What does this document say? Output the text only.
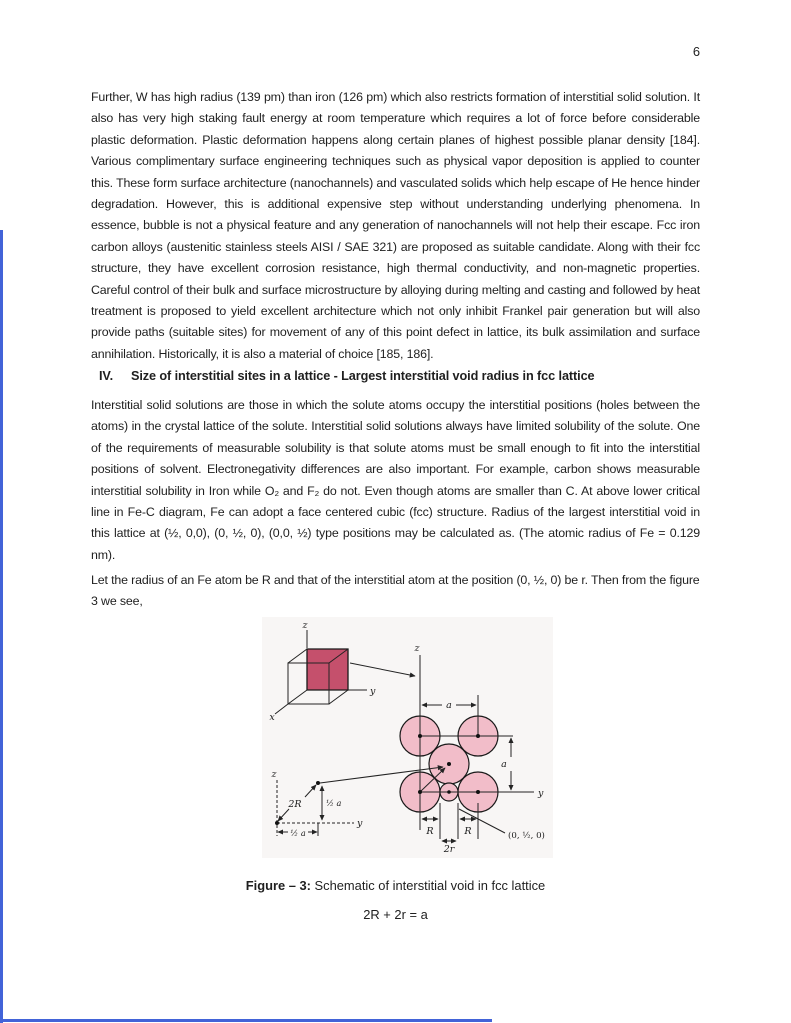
6
Further, W has high radius (139 pm) than iron (126 pm) which also restricts formation of interstitial solid solution. It also has very high staking fault energy at room temperature which requires a lot of force before considerable plastic deformation. Plastic deformation happens along certain planes of highest possible planar density [184]. Various complimentary surface engineering techniques such as physical vapor deposition is applied to counter this. These form surface architecture (nanochannels) and vasculated solids which help escape of He hence hinder degradation. However, this is additional expensive step without understanding underlying phenomena. In essence, bubble is not a physical feature and any generation of nanochannels will not help their escape. Fcc iron carbon alloys (austenitic stainless steels AISI / SAE 321) are proposed as suitable candidate. Along with their fcc structure, they have excellent corrosion resistance, high thermal conductivity, and non-magnetic properties. Careful control of their bulk and surface microstructure by alloying during melting and casting and followed by heat treatment is proposed to yield excellent architecture which not only inhibit Frankel pair generation but will also provide paths (suitable sites) for movement of any of this point defect in lattice, its bulk assimilation and surface annihilation. Historically, it is also a material of choice [185, 186].
IV.	Size of interstitial sites in a lattice - Largest interstitial void radius in fcc lattice
Interstitial solid solutions are those in which the solute atoms occupy the interstitial positions (holes between the atoms) in the crystal lattice of the solute. Interstitial solid solutions always have limited solubility of the solute. One of the requirements of measurable solubility is that solute atoms must be small enough to fit into the interstitial positions of solvent. Electronegativity differences are also important. For example, carbon shows measurable interstitial solubility in Iron while O₂ and F₂ do not. Even though atoms are smaller than C. At above lower critical line in Fe-C diagram, Fe can adopt a face centered cubic (fcc) structure. Radius of the largest interstitial void in this lattice at (½, 0,0), (0, ½, 0), (0,0, ½) type positions may be calculated as. (The atomic radius of Fe = 0.129 nm).
Let the radius of an Fe atom be R and that of the interstitial atom at the position (0, ½, 0) be r. Then from the figure 3 we see,
z
y
x
z
a
a
y
R	R
2r
(0, ½, 0)
z
y
2R	½ a
½ a
Figure – 3: Schematic of interstitial void in fcc lattice
2R + 2r = a
